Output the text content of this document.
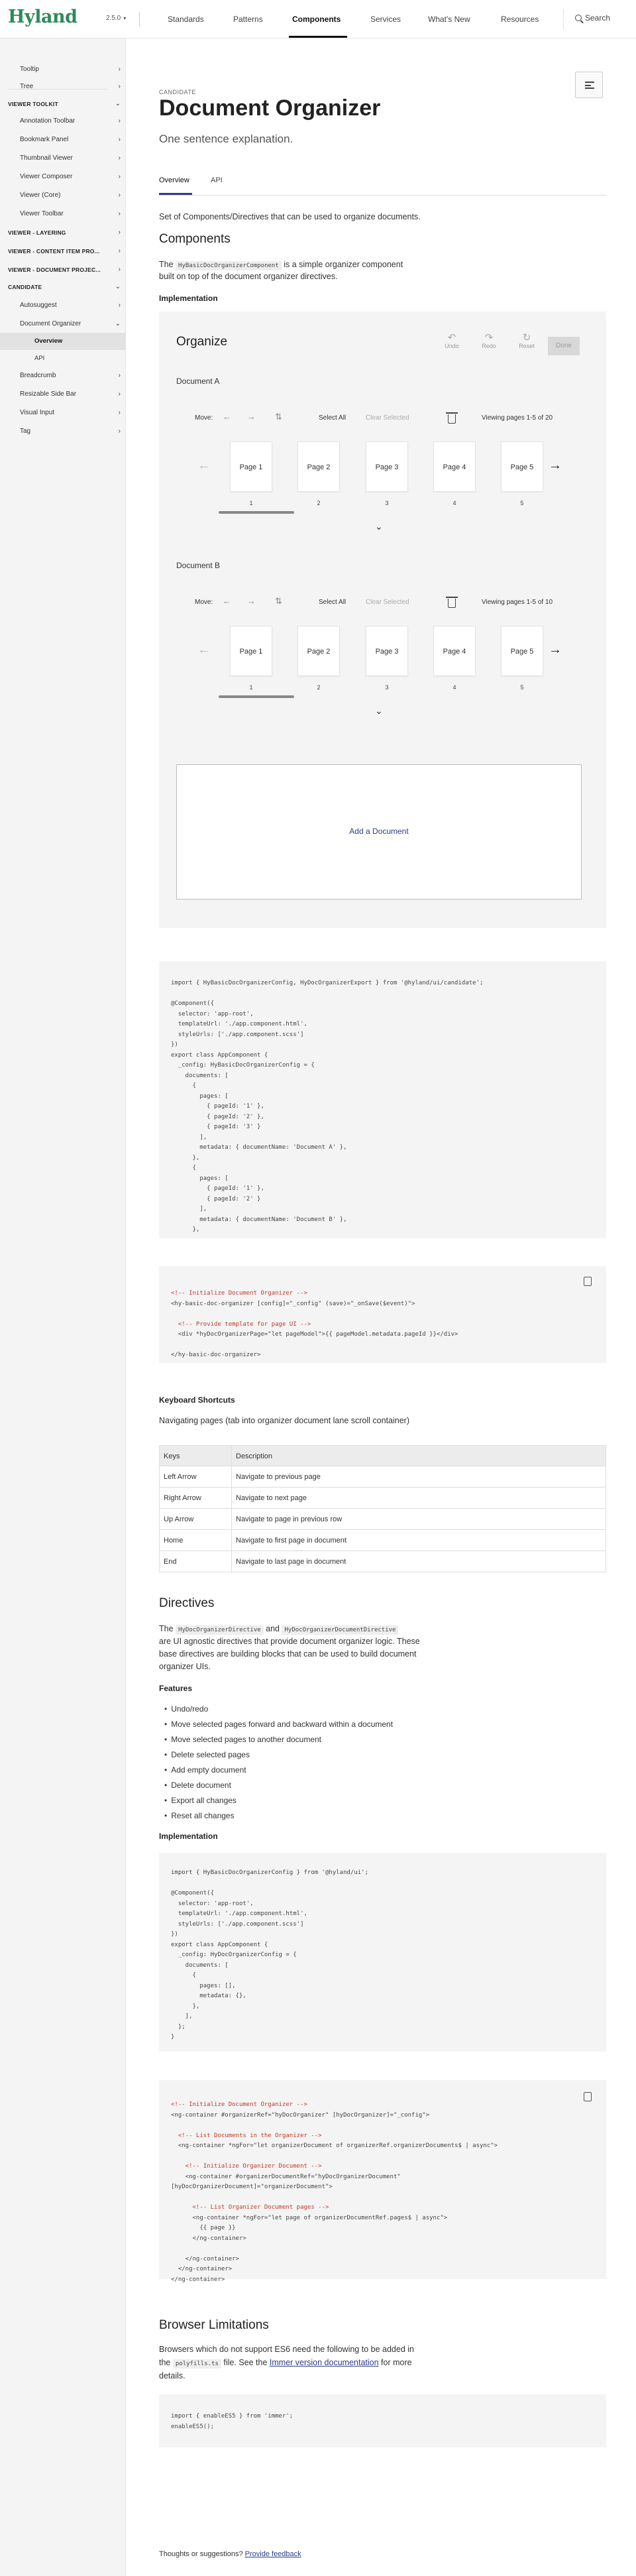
Hyland	2.5.0 ▾	Standards	Patterns	Components	Services	What's New	Resources	Search
Tooltip	›
Tree	›
VIEWER TOOLKIT	⌄
Annotation Toolbar	›
Bookmark Panel	›
Thumbnail Viewer	›
Viewer Composer	›
Viewer (Core)	›
Viewer Toolbar	›
VIEWER - LAYERING	›
VIEWER - CONTENT ITEM PRO...	›
VIEWER - DOCUMENT PROJEC...	›
CANDIDATE	⌄
Autosuggest	›
Document Organizer	⌄
Overview
API
Breadcrumb	›
Resizable Side Bar	›
Visual Input	›
Tag	›
CANDIDATE
Document Organizer
One sentence explanation.
Overview	API
Set of Components/Directives that can be used to organize documents.
Components
The HyBasicDocOrganizerComponent is a simple organizer component
built on top of the document organizer directives.
Implementation
Organize	↶
Undo
↷
Redo
↻
Reset	Done
Document A
Move: ← → ⇅	Select All	Clear Selected	Viewing pages 1-5 of 20
←	Page 1	Page 2	Page 3	Page 4	Page 5	→
1	2	3	4	5
⌄
Document B
Move: ← → ⇅	Select All	Clear Selected	Viewing pages 1-5 of 10
←	Page 1	Page 2	Page 3	Page 4	Page 5	→
1	2	3	4	5
⌄
Add a Document
import { HyBasicDocOrganizerConfig, HyDocOrganizerExport } from '@hyland/ui/candidate';
@Component({
selector: 'app-root',
templateUrl: './app.component.html',
styleUrls: ['./app.component.scss']
})
export class AppComponent {
_config: HyBasicDocOrganizerConfig = {
documents: [
{
pages: [
{ pageId: '1' },
{ pageId: '2' },
{ pageId: '3' }
],
metadata: { documentName: 'Document A' },
},
{
pages: [
{ pageId: '1' },
{ pageId: '2' }
],
metadata: { documentName: 'Document B' },
},
<!-- Initialize Document Organizer -->
<hy-basic-doc-organizer [config]="_config" (save)="_onSave($event)">
<!-- Provide template for page UI -->
<div *hyDocOrganizerPage="let pageModel">{{ pageModel.metadata.pageId }}</div>
</hy-basic-doc-organizer>
Keyboard Shortcuts
Navigating pages (tab into organizer document lane scroll container)
Keys	Description
Left Arrow	Navigate to previous page
Right Arrow	Navigate to next page
Up Arrow	Navigate to page in previous row
Home	Navigate to first page in document
End	Navigate to last page in document
Directives
The HyDocOrganizerDirective and HyDocOrganizerDocumentDirective
are UI agnostic directives that provide document organizer logic. These
base directives are building blocks that can be used to build document
organizer UIs.
Features
• Undo/redo
• Move selected pages forward and backward within a document
• Move selected pages to another document
• Delete selected pages
• Add empty document
• Delete document
• Export all changes
• Reset all changes
Implementation
import { HyBasicDocOrganizerConfig } from '@hyland/ui';
@Component({
selector: 'app-root',
templateUrl: './app.component.html',
styleUrls: ['./app.component.scss']
})
export class AppComponent {
_config: HyDocOrganizerConfig = {
documents: [
{
pages: [],
metadata: {},
},
],
};
}
<!-- Initialize Document Organizer -->
<ng-container #organizerRef="hyDocOrganizer" [hyDocOrganizer]="_config">
<!-- List Documents in the Organizer -->
<ng-container *ngFor="let organizerDocument of organizerRef.organizerDocuments$ | async">
<!-- Initialize Organizer Document -->
<ng-container #organizerDocumentRef="hyDocOrganizerDocument"
[hyDocOrganizerDocument]="organizerDocument">
<!-- List Organizer Document pages -->
<ng-container *ngFor="let page of organizerDocumentRef.pages$ | async">
{{ page }}
</ng-container>
</ng-container>
</ng-container>
</ng-container>
Browser Limitations
Browsers which do not support ES6 need the following to be added in
the polyfills.ts file. See the Immer version documentation for more
details.
import { enableES5 } from 'immer';
enableES5();
Thoughts or suggestions? Provide feedback
